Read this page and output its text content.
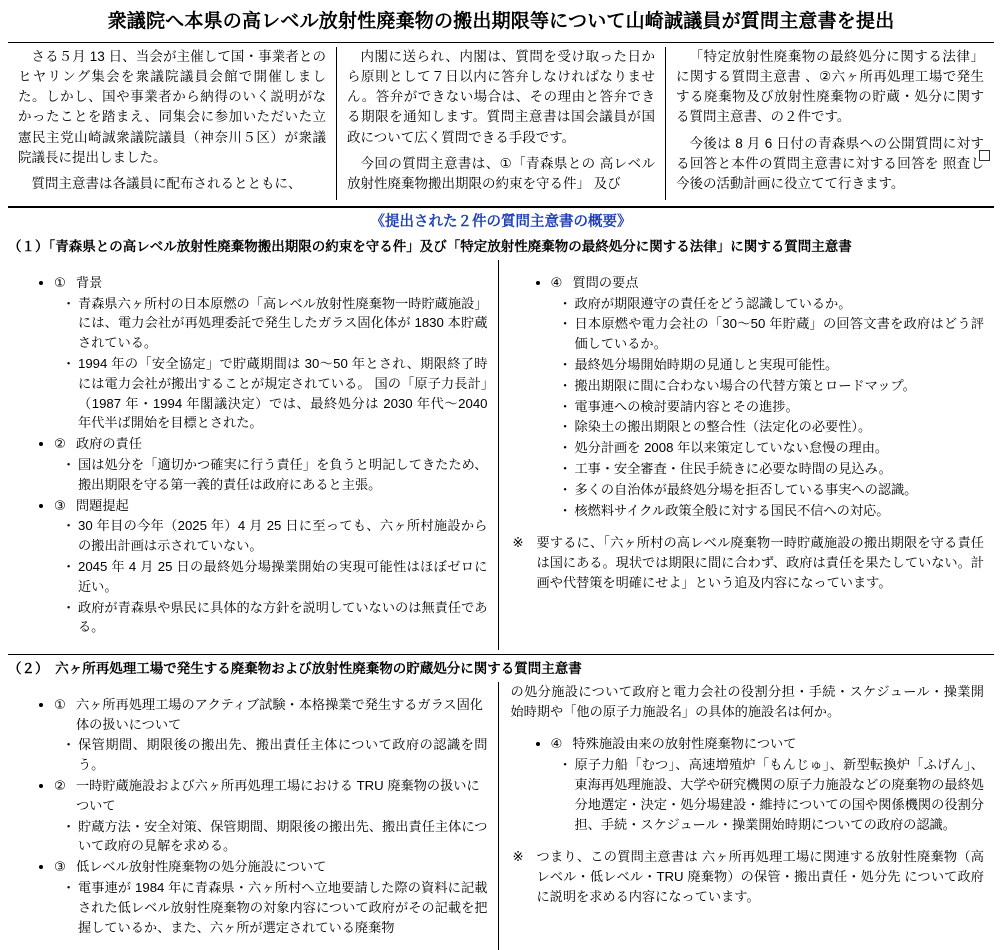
衆議院へ本県の高レベル放射性廃棄物の搬出期限等について山崎誠議員が質問主意書を提出

さる５月 13 日、当会が主催して国・事業者とのヒヤリング集会を衆議院議員会館で開催しました。しかし、国や事業者から納得のいく説明がなかったことを踏まえ、同集会に参加いただいた立憲民主党山崎誠衆議院議員（神奈川５区）が衆議院議長に提出しました。

質問主意書は各議員に配布されるとともに、

内閣に送られ、内閣は、質問を受け取った日から原則として７日以内に答弁しなければなりません。答弁ができない場合は、その理由と答弁できる期限を通知します。質問主意書は国会議員が国政について広く質問できる手段です。

今回の質問主意書は、①「青森県との 高レベル放射性廃棄物搬出期限の約束を守る件」 及び

「特定放射性廃棄物の最終処分に関する法律」に関する質問主意書 、②六ヶ所再処理工場で発生する廃棄物及び放射性廃棄物の貯蔵・処分に関する質問主意書、の２件です。

今後は 8 月 6 日付の青森県への公開質問に対する回答と本件の質問主意書に対する回答を 照査し今後の活動計画に役立てて行きます。

《提出された２件の質問主意書の概要》
（１）「青森県との高レベル放射性廃棄物搬出期限の約束を守る件」及び「特定放射性廃棄物の最終処分に関する法律」に関する質問主意書
• ① 背景
・ 青森県六ヶ所村の日本原燃の「高レベル放射性廃棄物一時貯蔵施設」には、電力会社が再処理委託で発生したガラス固化体が 1830 本貯蔵されている。
・ 1994 年の「安全協定」で貯蔵期間は 30〜50 年とされ、期限終了時には電力会社が搬出することが規定されている。 国の「原子力長計」（1987 年・1994 年閣議決定）では、最終処分は 2030 年代〜2040 年代半ば開始を目標とされた。
• ② 政府の責任
・ 国は処分を「適切かつ確実に行う責任」を負うと明記してきたため、搬出期限を守る第一義的責任は政府にあると主張。
• ③ 問題提起
・ 30 年目の今年（2025 年）4 月 25 日に至っても、六ヶ所村施設からの搬出計画は示されていない。
・ 2045 年 4 月 25 日の最終処分場操業開始の実現可能性はほぼゼロに近い。
・ 政府が青森県や県民に具体的な方針を説明していないのは無責任である。
• ④ 質問の要点
・ 政府が期限遵守の責任をどう認識しているか。
・ 日本原燃や電力会社の「30〜50 年貯蔵」の回答文書を政府はどう評価しているか。
・ 最終処分場開始時期の見通しと実現可能性。
・ 搬出期限に間に合わない場合の代替方策とロードマップ。
・ 電事連への検討要請内容とその進捗。
・ 除染土の搬出期限との整合性（法定化の必要性）。
・ 処分計画を 2008 年以来策定していない怠慢の理由。
・ 工事・安全審査・住民手続きに必要な時間の見込み。
・ 多くの自治体が最終処分場を拒否している事実への認識。
・ 核燃料サイクル政策全般に対する国民不信への対応。
※ 要するに、「六ヶ所村の高レベル廃棄物一時貯蔵施設の搬出期限を守る責任は国にある。現状では期限に間に合わず、政府は責任を果たしていない。計画や代替策を明確にせよ」という追及内容になっています。
（２）　六ヶ所再処理工場で発生する廃棄物および放射性廃棄物の貯蔵処分に関する質問主意書
• ① 六ヶ所再処理工場のアクティブ試験・本格操業で発生するガラス固化体の扱いについて
・ 保管期間、期限後の搬出先、搬出責任主体について政府の認識を問う。
• ② 一時貯蔵施設および六ヶ所再処理工場における TRU 廃棄物の扱いについて
・ 貯蔵方法・安全対策、保管期間、期限後の搬出先、搬出責任主体について政府の見解を求める。
• ③ 低レベル放射性廃棄物の処分施設について
・ 電事連が 1984 年に青森県・六ヶ所村へ立地要請した際の資料に記載された低レベル放射性廃棄物の対象内容について政府がその記載を把握しているか、また、六ヶ所が選定されている廃棄物
の処分施設について政府と電力会社の役割分担・手続・スケジュール・操業開始時期や「他の原子力施設名」の具体的施設名は何か。
• ④ 特殊施設由来の放射性廃棄物について
・ 原子力船「むつ」、高速増殖炉「もんじゅ」、新型転換炉「ふげん」、東海再処理施設、大学や研究機関の原子力施設などの廃棄物の最終処分地選定・決定・処分場建設・維持についての国や関係機関の役割分担、手続・スケジュール・操業開始時期についての政府の認識。
※ つまり、この質問主意書は 六ヶ所再処理工場に関連する放射性廃棄物（高レベル・低レベル・TRU 廃棄物）の保管・搬出責任・処分先 について政府に説明を求める内容になっています。
